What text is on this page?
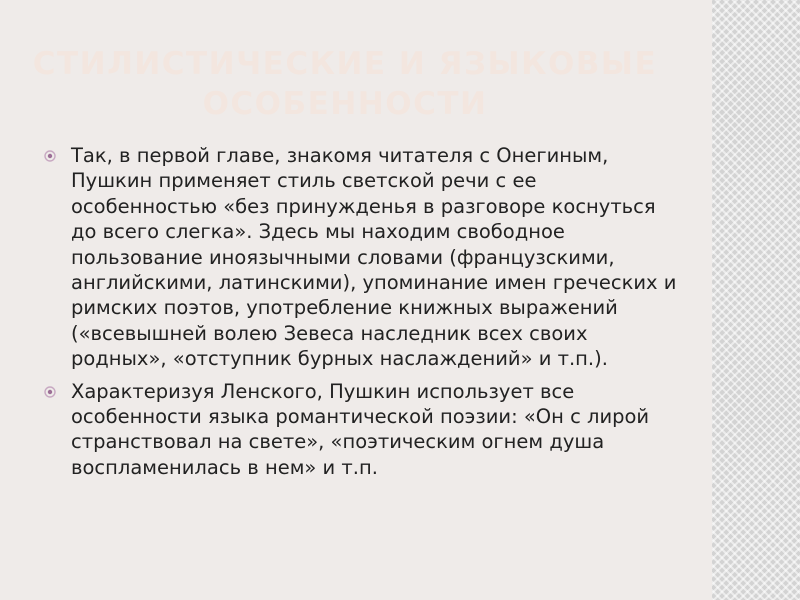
СТИЛИСТИЧЕСКИЕ И ЯЗЫКОВЫЕ ОСОБЕННОСТИ
Так, в первой главе, знакомя читателя с Онегиным, Пушкин применяет стиль светской речи с ее особенностью «без принужденья в разговоре коснуться до всего слегка». Здесь мы находим свободное пользование иноязычными словами (французскими, английскими, латинскими), упоминание имен греческих и римских поэтов, употребление книжных выражений («всевышней волею Зевеса наследник всех своих родных», «отступник бурных наслаждений» и т.п.).
Характеризуя Ленского, Пушкин использует все особенности языка романтической поэзии: «Он с лирой странствовал на свете», «поэтическим огнем душа воспламенилась в нем» и т.п.
